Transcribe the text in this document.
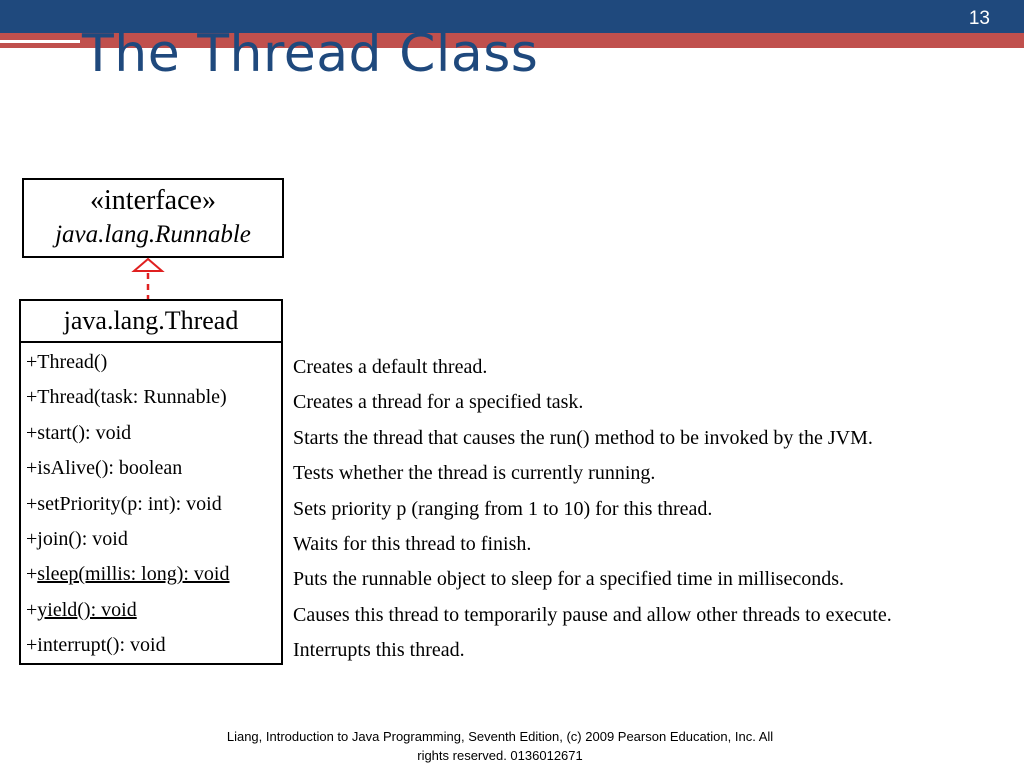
13
The Thread Class
«interface»
java.lang.Runnable
java.lang.Thread
+Thread()
+Thread(task: Runnable)
+start(): void
+isAlive(): boolean
+setPriority(p: int): void
+join(): void
+sleep(millis: long): void
+yield(): void
+interrupt(): void
Creates a default thread.
Creates a thread for a specified task.
Starts the thread that causes the run() method to be invoked by the JVM.
Tests whether the thread is currently running.
Sets priority p (ranging from 1 to 10) for this thread.
Waits for this thread to finish.
Puts the runnable object to sleep for a specified time in milliseconds.
Causes this thread to temporarily pause and allow other threads to execute.
Interrupts this thread.
Liang, Introduction to Java Programming, Seventh Edition, (c) 2009 Pearson Education, Inc. All
rights reserved. 0136012671
